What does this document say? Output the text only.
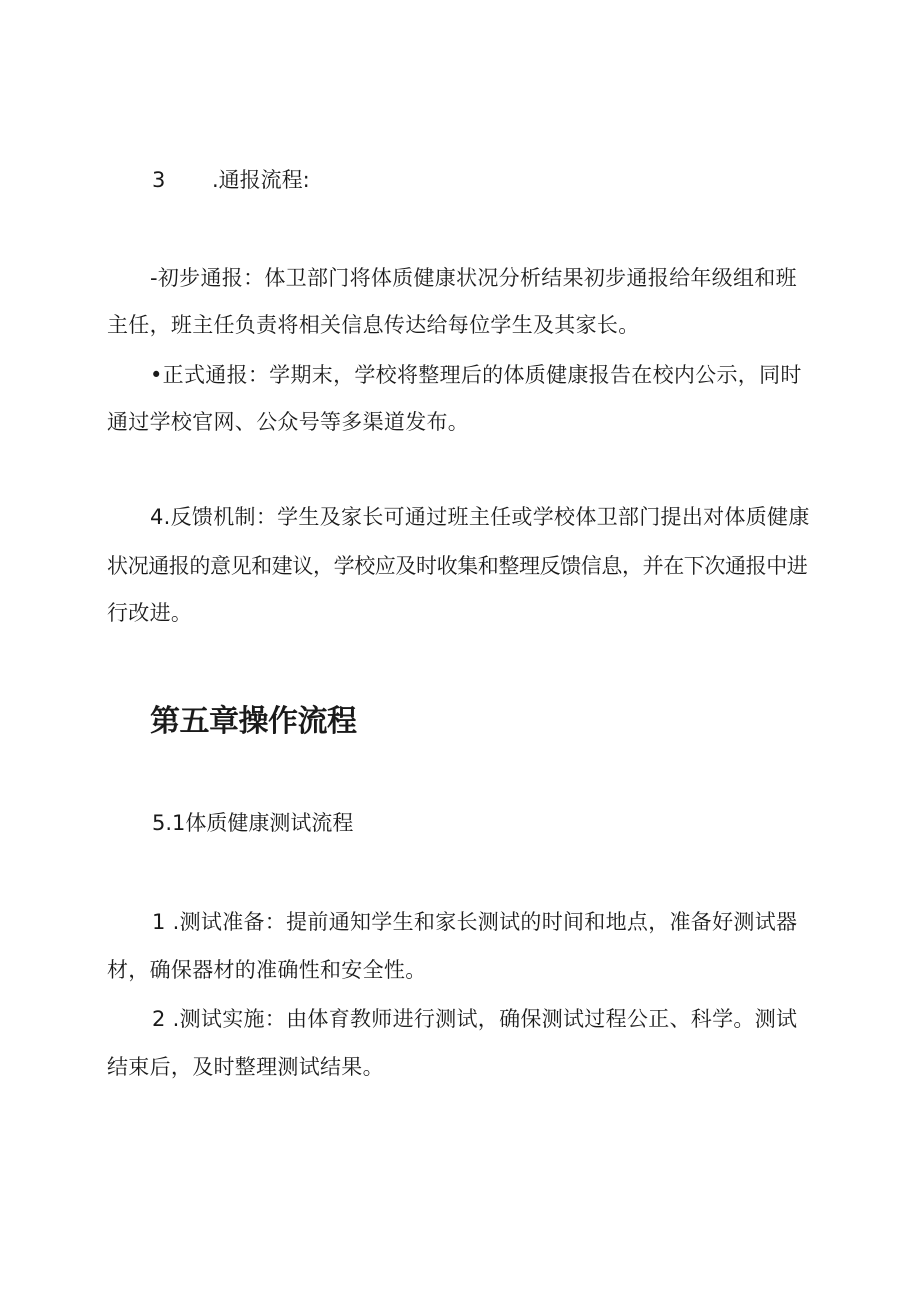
3 .通报流程:
-初步通报：体卫部门将体质健康状况分析结果初步通报给年级组和班
主任，班主任负责将相关信息传达给每位学生及其家长。
•正式通报：学期末，学校将整理后的体质健康报告在校内公示，同时
通过学校官网、公众号等多渠道发布。
4.反馈机制：学生及家长可通过班主任或学校体卫部门提出对体质健康
状况通报的意见和建议，学校应及时收集和整理反馈信息，并在下次通报中进
行改进。
第五章操作流程
5.1体质健康测试流程
1 .测试准备：提前通知学生和家长测试的时间和地点，准备好测试器
材，确保器材的准确性和安全性。
2 .测试实施：由体育教师进行测试，确保测试过程公正、科学。测试
结束后，及时整理测试结果。
